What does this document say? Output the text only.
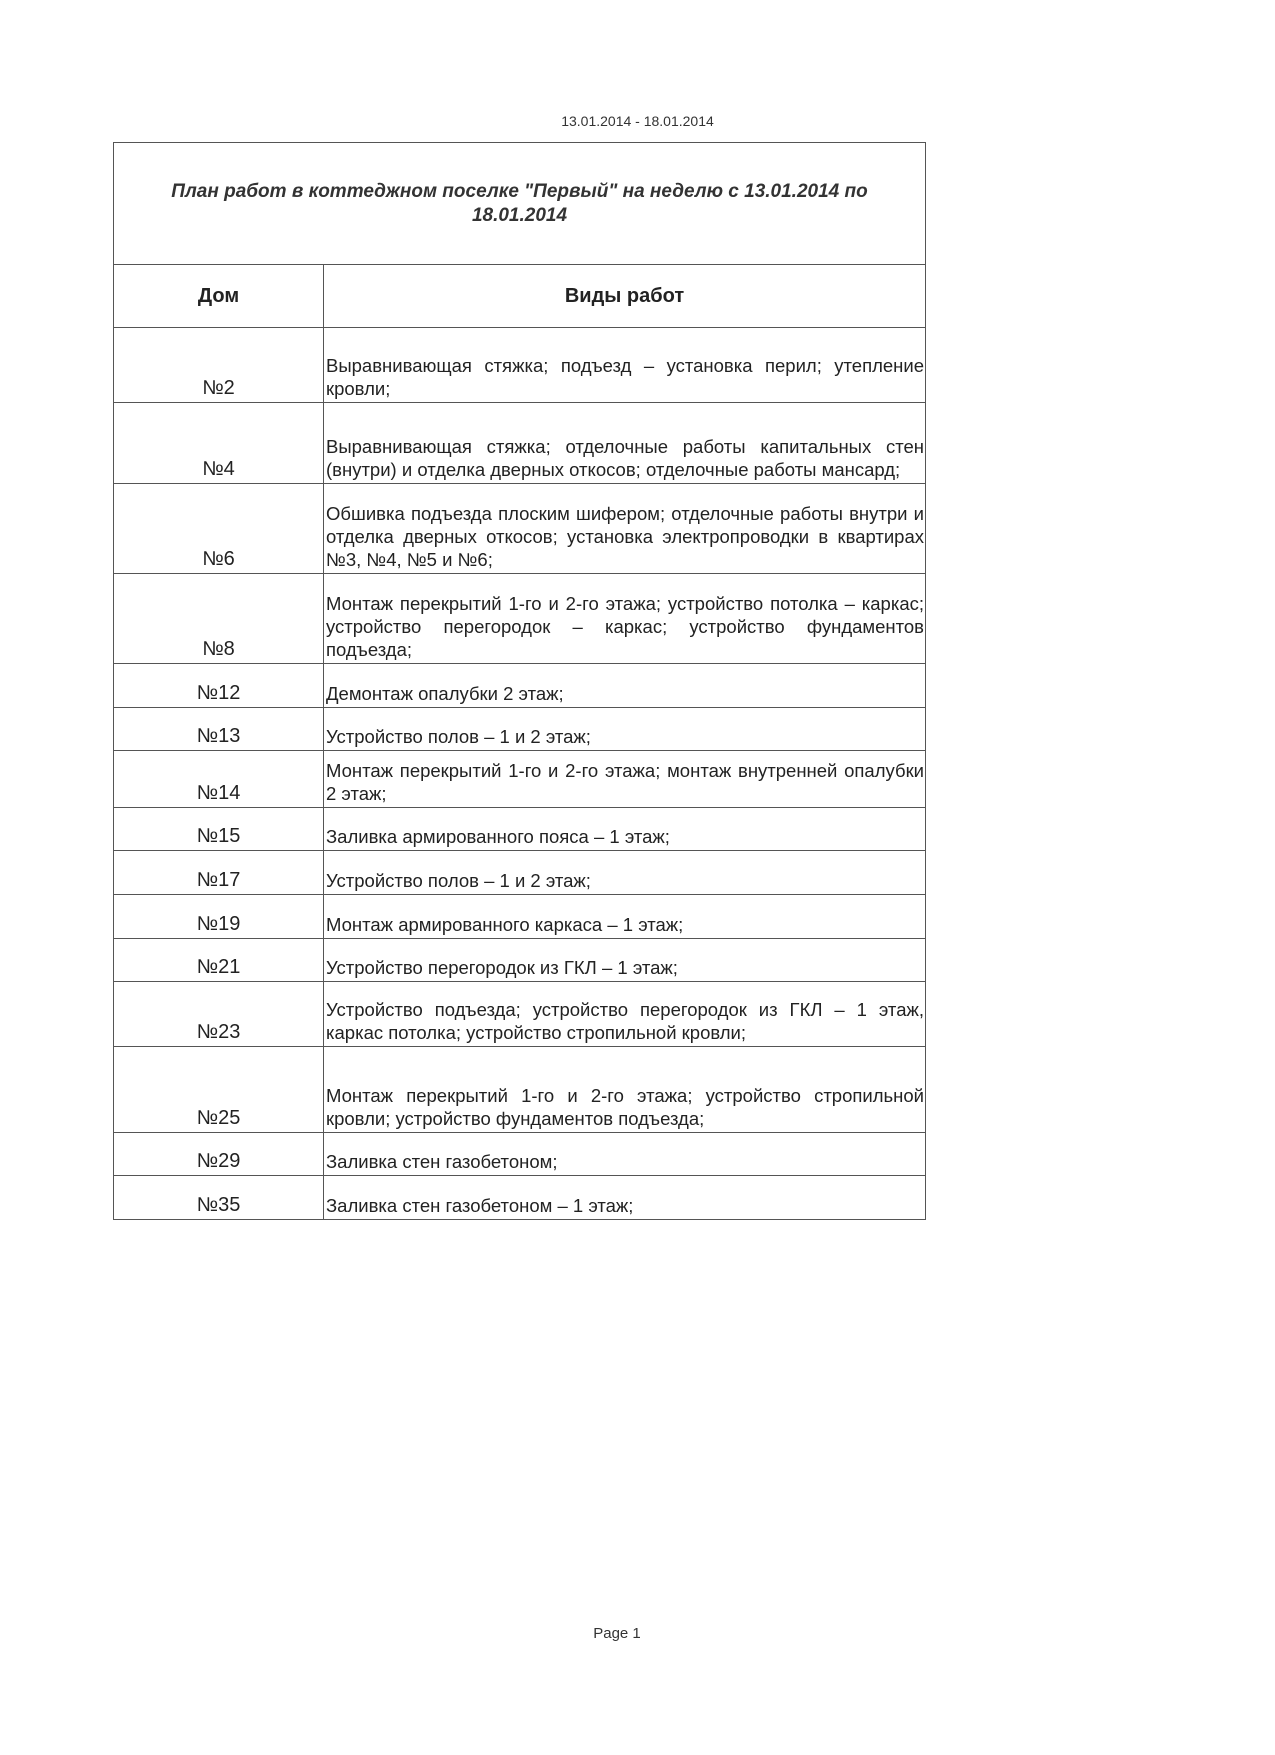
13.01.2014 - 18.01.2014
План работ в коттеджном поселке "Первый" на неделю с 13.01.2014 по 18.01.2014	
Дом	Виды работ
№2	Выравнивающая стяжка; подъезд – установка перил; утепление кровли;
№4	Выравнивающая стяжка; отделочные работы капитальных стен (внутри) и отделка дверных откосов; отделочные работы мансард;
№6	Обшивка подъезда плоским шифером; отделочные работы внутри и отделка дверных откосов; установка электропроводки в квартирах №3, №4, №5 и №6;
№8	Монтаж перекрытий 1-го и 2-го этажа; устройство потолка – каркас; устройство перегородок – каркас; устройство фундаментов подъезда;
№12	Демонтаж опалубки 2 этаж;
№13	Устройство полов – 1 и 2 этаж;
№14	Монтаж перекрытий 1-го и 2-го этажа; монтаж внутренней опалубки 2 этаж;
№15	Заливка армированного пояса – 1 этаж;
№17	Устройство полов – 1 и 2 этаж;
№19	Монтаж армированного каркаса – 1 этаж;
№21	Устройство перегородок из ГКЛ – 1 этаж;
№23	Устройство подъезда; устройство перегородок из ГКЛ – 1 этаж, каркас потолка; устройство стропильной кровли;
№25	Монтаж перекрытий 1-го и 2-го этажа; устройство стропильной кровли; устройство фундаментов подъезда;
№29	Заливка стен газобетоном;
№35	Заливка стен газобетоном – 1 этаж;
Page 1
